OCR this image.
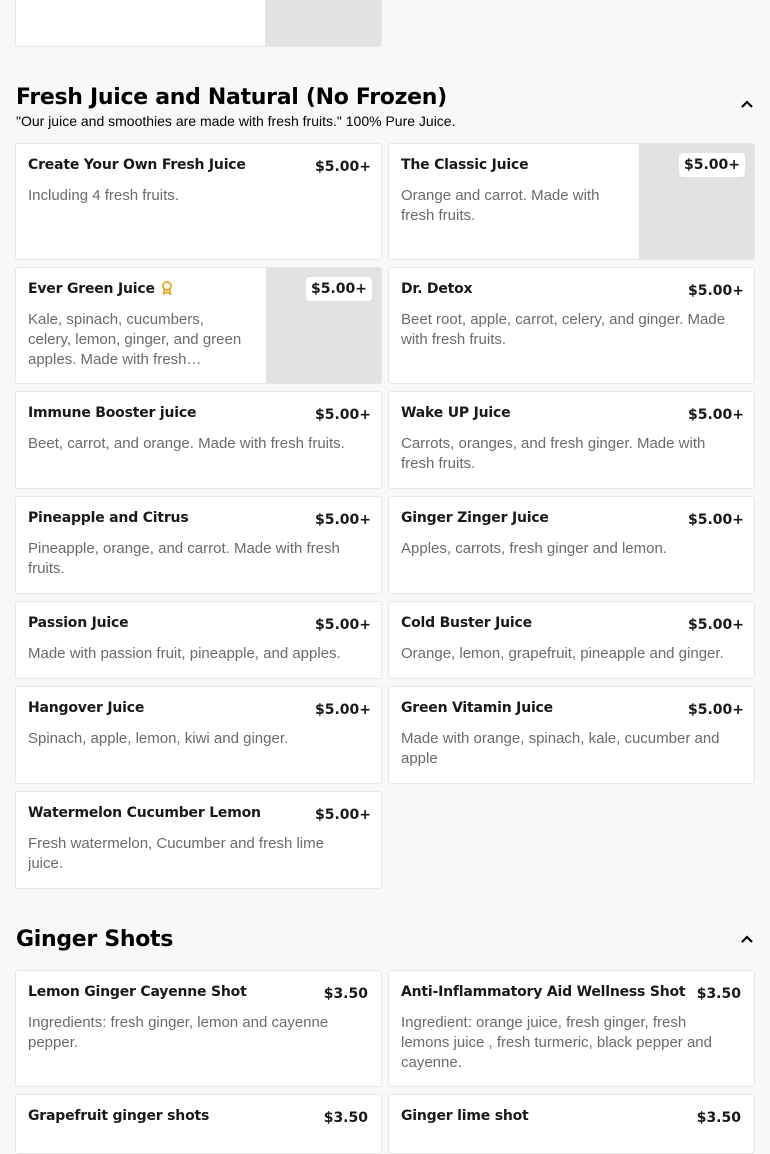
Fresh Juice and Natural (No Frozen)
"Our juice and smoothies are made with fresh fruits." 100% Pure Juice.
Create Your Own Fresh Juice	$5.00+
Including 4 fresh fruits.
The Classic Juice	$5.00+
Orange and carrot. Made with fresh fruits.
Ever Green Juice	$5.00+
Kale, spinach, cucumbers, celery, lemon, ginger, and green apples. Made with fresh…
Dr. Detox	$5.00+
Beet root, apple, carrot, celery, and ginger. Made with fresh fruits.
Immune Booster juice	$5.00+
Beet, carrot, and orange. Made with fresh fruits.
Wake UP Juice	$5.00+
Carrots, oranges, and fresh ginger. Made with fresh fruits.
Pineapple and Citrus	$5.00+
Pineapple, orange, and carrot. Made with fresh fruits.
Ginger Zinger Juice	$5.00+
Apples, carrots, fresh ginger and lemon.
Passion Juice	$5.00+
Made with passion fruit, pineapple, and apples.
Cold Buster Juice	$5.00+
Orange, lemon, grapefruit, pineapple and ginger.
Hangover Juice	$5.00+
Spinach, apple, lemon, kiwi and ginger.
Green Vitamin Juice	$5.00+
Made with orange, spinach, kale, cucumber and apple
Watermelon Cucumber Lemon	$5.00+
Fresh watermelon, Cucumber and fresh lime juice.
Ginger Shots
Lemon Ginger Cayenne Shot	$3.50
Ingredients: fresh ginger, lemon and cayenne pepper.
Anti-Inflammatory Aid Wellness Shot $3.50
Ingredient: orange juice, fresh ginger, fresh lemons juice , fresh turmeric, black pepper and cayenne.
Grapefruit ginger shots	$3.50 Ginger lime shot	$3.50
